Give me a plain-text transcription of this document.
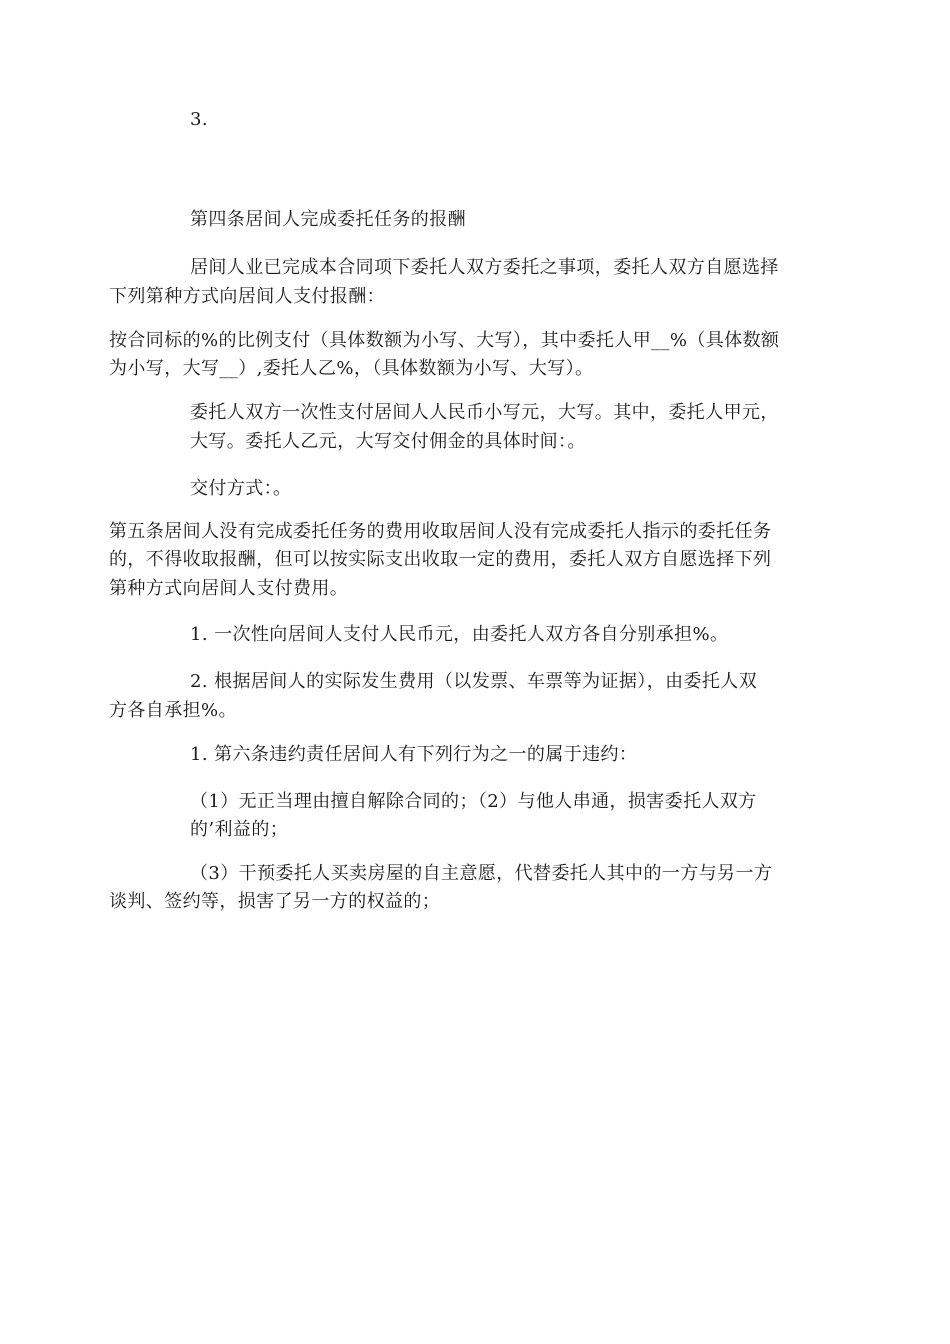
3.
第四条居间人完成委托任务的报酬
居间人业已完成本合同项下委托人双方委托之事项，委托人双方自愿选择
下列第种方式向居间人支付报酬：
按合同标的%的比例支付（具体数额为小写、大写），其中委托人甲__%（具体数额
为小写，大写__）,委托人乙%，（具体数额为小写、大写）。
委托人双方一次性支付居间人人民币小写元，大写。其中，委托人甲元，
大写。委托人乙元，大写交付佣金的具体时间：。
交付方式：。
第五条居间人没有完成委托任务的费用收取居间人没有完成委托人指示的委托任务
的，不得收取报酬，但可以按实际支出收取一定的费用，委托人双方自愿选择下列
第种方式向居间人支付费用。
1. 一次性向居间人支付人民币元，由委托人双方各自分别承担%。
2. 根据居间人的实际发生费用（以发票、车票等为证据），由委托人双
方各自承担%。
1. 第六条违约责任居间人有下列行为之一的属于违约：
（1）无正当理由擅自解除合同的；（2）与他人串通，损害委托人双方
的’利益的；
（3）干预委托人买卖房屋的自主意愿，代替委托人其中的一方与另一方
谈判、签约等，损害了另一方的权益的；
